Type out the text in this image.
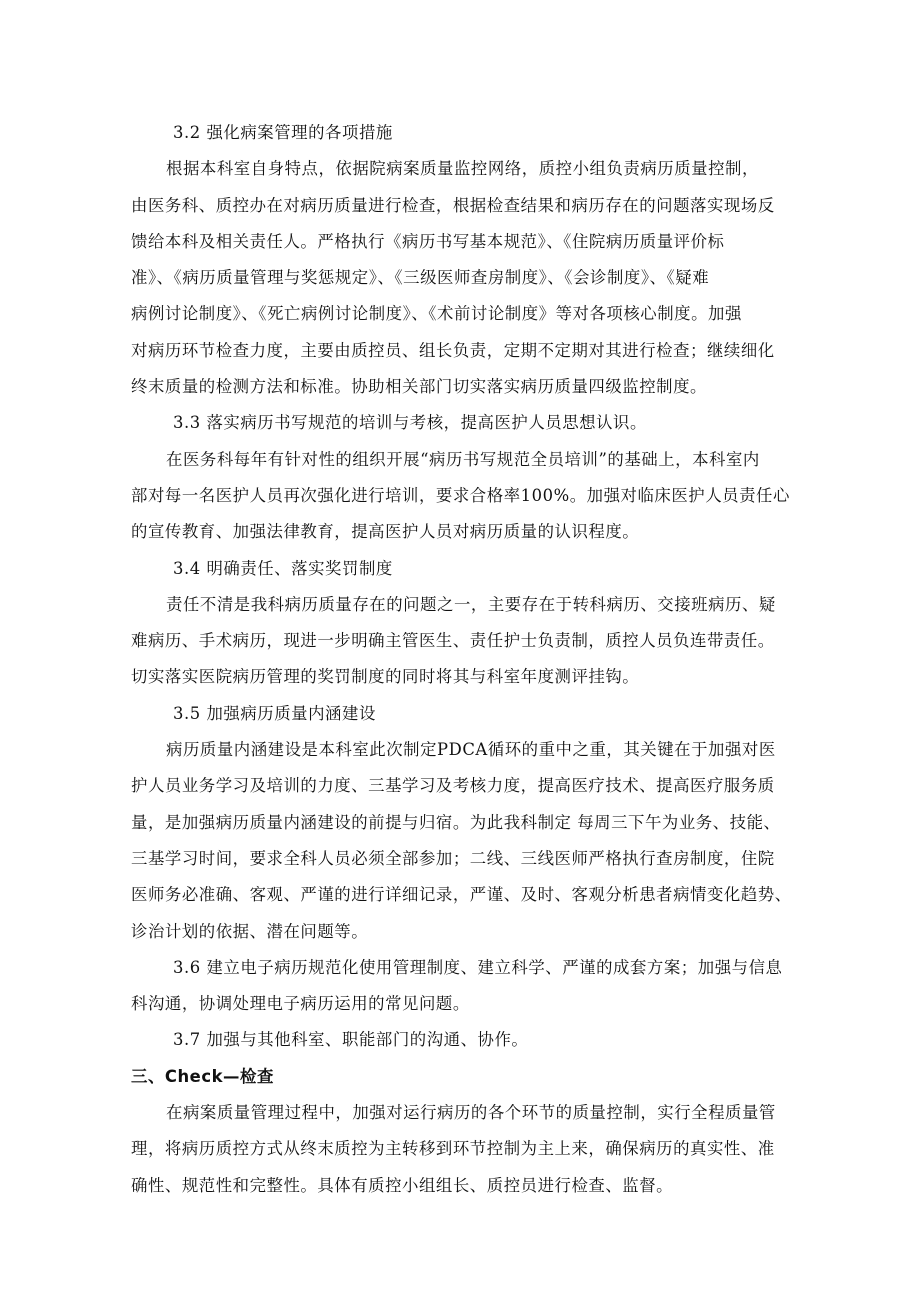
3.2 强化病案管理的各项措施
根据本科室自身特点，依据院病案质量监控网络，质控小组负责病历质量控制，
由医务科、质控办在对病历质量进行检查，根据检查结果和病历存在的问题落实现场反
馈给本科及相关责任人。严格执行《病历书写基本规范》、《住院病历质量评价标
准》、《病历质量管理与奖惩规定》、《三级医师查房制度》、《会诊制度》、《疑难
病例讨论制度》、《死亡病例讨论制度》、《术前讨论制度》等对各项核心制度。加强
对病历环节检查力度，主要由质控员、组长负责，定期不定期对其进行检查；继续细化
终末质量的检测方法和标准。协助相关部门切实落实病历质量四级监控制度。
3.3 落实病历书写规范的培训与考核，提高医护人员思想认识。
在医务科每年有针对性的组织开展“病历书写规范全员培训”的基础上，本科室内
部对每一名医护人员再次强化进行培训，要求合格率100%。加强对临床医护人员责任心
的宣传教育、加强法律教育，提高医护人员对病历质量的认识程度。
3.4 明确责任、落实奖罚制度
责任不清是我科病历质量存在的问题之一，主要存在于转科病历、交接班病历、疑
难病历、手术病历，现进一步明确主管医生、责任护士负责制，质控人员负连带责任。
切实落实医院病历管理的奖罚制度的同时将其与科室年度测评挂钩。
3.5 加强病历质量内涵建设
病历质量内涵建设是本科室此次制定PDCA循环的重中之重，其关键在于加强对医
护人员业务学习及培训的力度、三基学习及考核力度，提高医疗技术、提高医疗服务质
量，是加强病历质量内涵建设的前提与归宿。为此我科制定 每周三下午为业务、技能、
三基学习时间，要求全科人员必须全部参加；二线、三线医师严格执行查房制度，住院
医师务必准确、客观、严谨的进行详细记录，严谨、及时、客观分析患者病情变化趋势、
诊治计划的依据、潜在问题等。
3.6 建立电子病历规范化使用管理制度、建立科学、严谨的成套方案；加强与信息
科沟通，协调处理电子病历运用的常见问题。
3.7 加强与其他科室、职能部门的沟通、协作。
三、Check—检查
在病案质量管理过程中，加强对运行病历的各个环节的质量控制，实行全程质量管
理，将病历质控方式从终末质控为主转移到环节控制为主上来，确保病历的真实性、准
确性、规范性和完整性。具体有质控小组组长、质控员进行检查、监督。
